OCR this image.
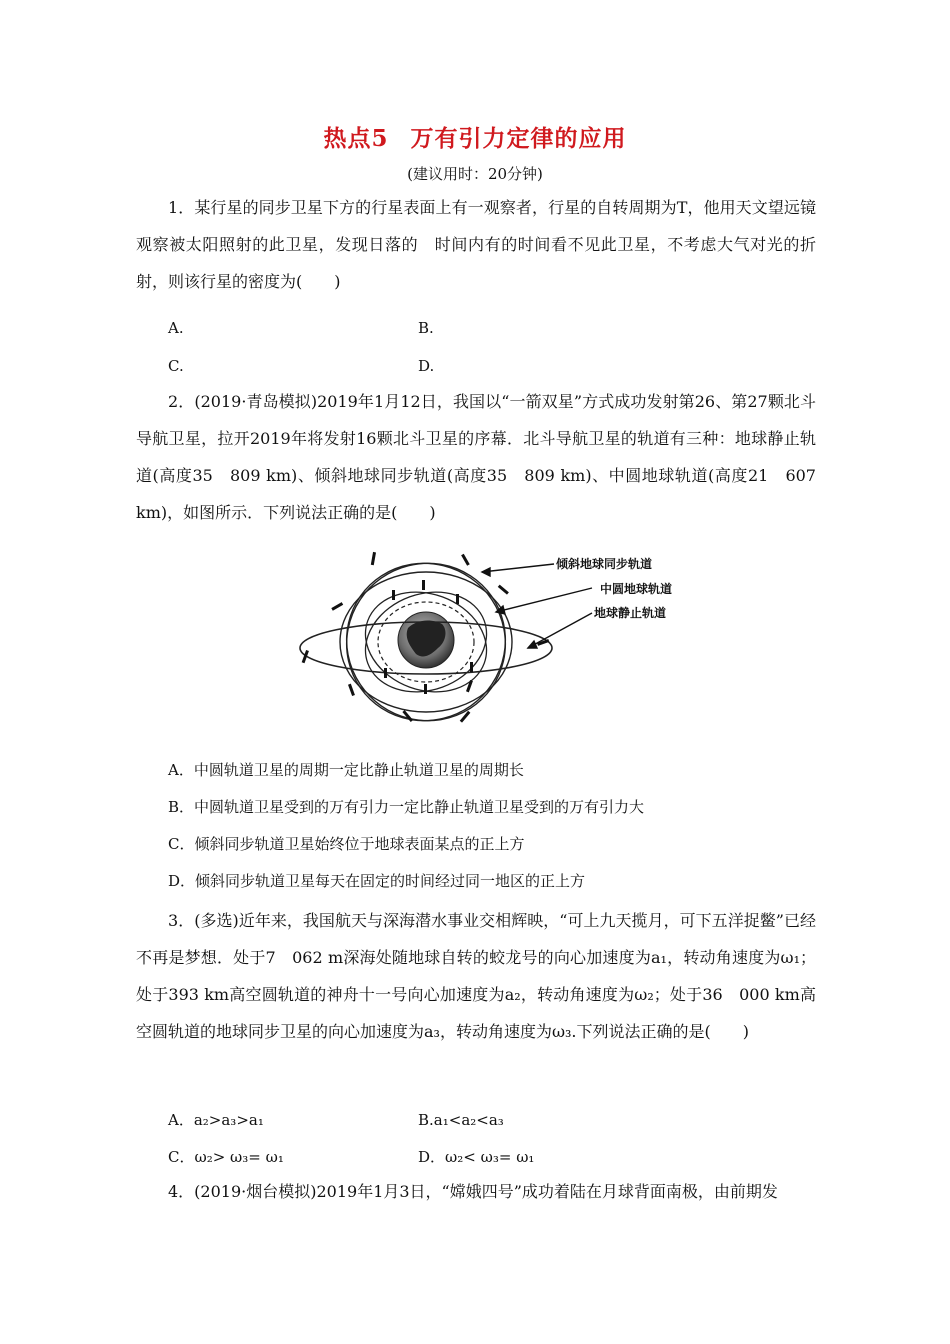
热点5 万有引力定律的应用
(建议用时：20分钟)
1．某行星的同步卫星下方的行星表面上有一观察者，行星的自转周期为T，他用天文望远镜观察被太阳照射的此卫星，发现日落的　时间内有的时间看不见此卫星，不考虑大气对光的折射，则该行星的密度为(　　)
A.	B.
C.	D.
2．(2019·青岛模拟)2019年1月12日，我国以“一箭双星”方式成功发射第26、第27颗北斗导航卫星，拉开2019年将发射16颗北斗卫星的序幕．北斗导航卫星的轨道有三种：地球静止轨道(高度35　809 km)、倾斜地球同步轨道(高度35　809 km)、中圆地球轨道(高度21　607 km)，如图所示．下列说法正确的是(　　)
倾斜地球同步轨道
中圆地球轨道
地球静止轨道
A．中圆轨道卫星的周期一定比静止轨道卫星的周期长
B．中圆轨道卫星受到的万有引力一定比静止轨道卫星受到的万有引力大
C．倾斜同步轨道卫星始终位于地球表面某点的正上方
D．倾斜同步轨道卫星每天在固定的时间经过同一地区的正上方
3．(多选)近年来，我国航天与深海潜水事业交相辉映，“可上九天揽月，可下五洋捉鳖”已经不再是梦想．处于7　062 m深海处随地球自转的蛟龙号的向心加速度为a₁，转动角速度为ω₁；处于393 km高空圆轨道的神舟十一号向心加速度为a₂，转动角速度为ω₂；处于36　000 km高空圆轨道的地球同步卫星的向心加速度为a₃，转动角速度为ω₃.下列说法正确的是(　　)
A．a₂>a₃>a₁	B.a₁<a₂<a₃
C．ω₂> ω₃= ω₁	D．ω₂< ω₃= ω₁
4．(2019·烟台模拟)2019年1月3日，“嫦娥四号”成功着陆在月球背面南极，由前期发
